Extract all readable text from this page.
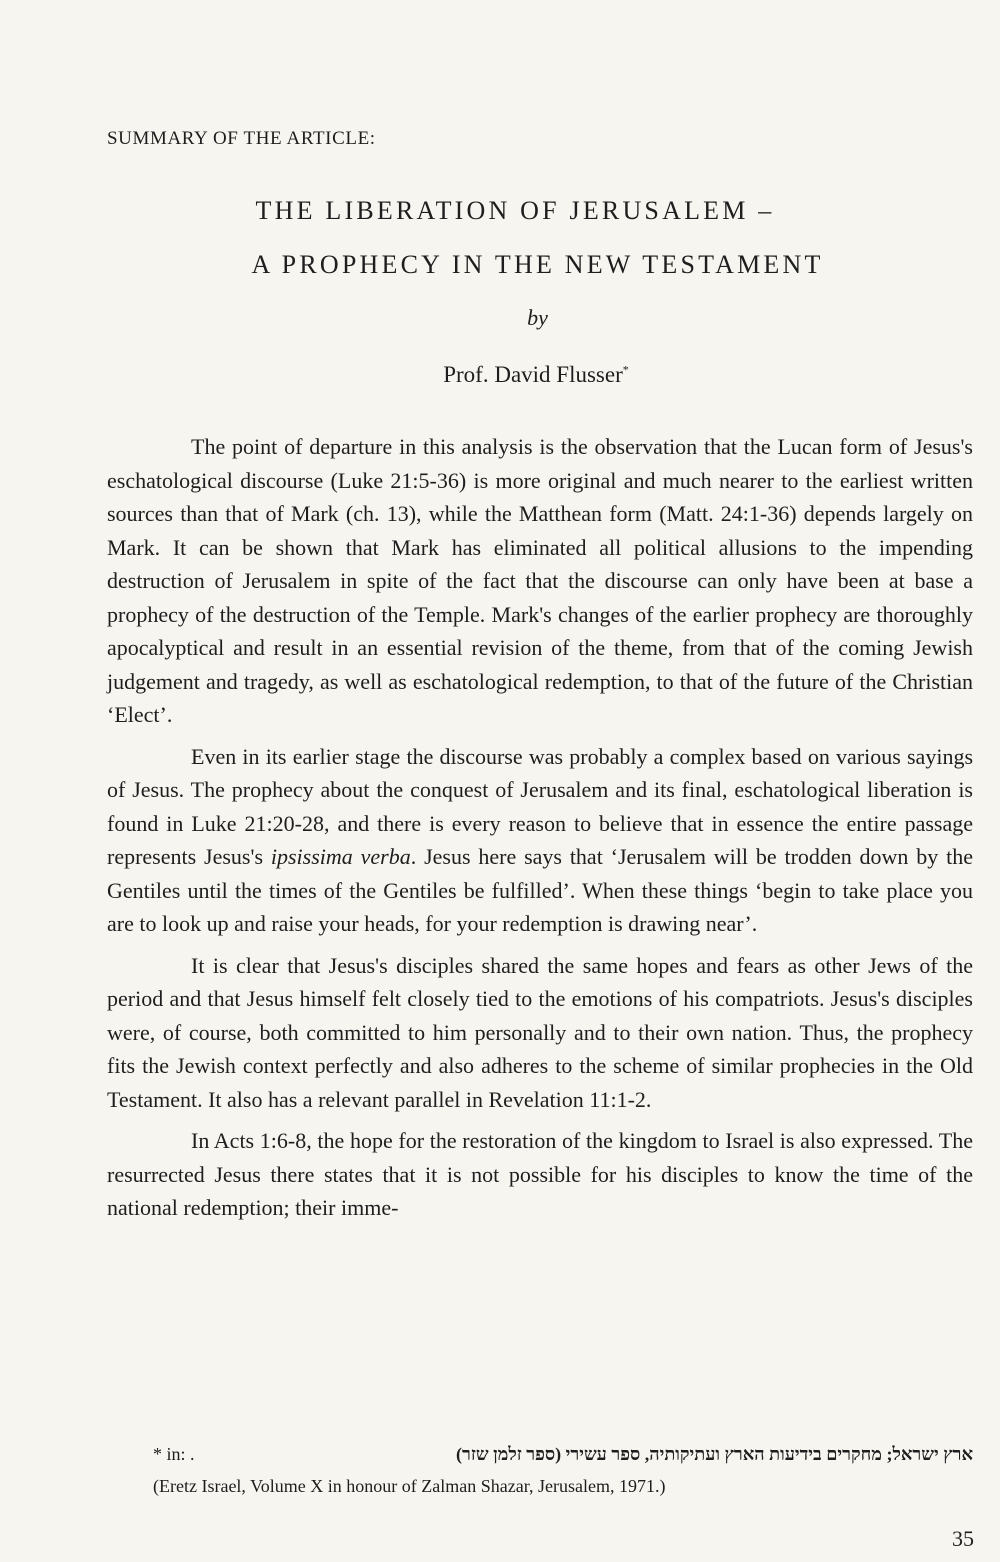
SUMMARY OF THE ARTICLE:
THE LIBERATION OF JERUSALEM –
A PROPHECY IN THE NEW TESTAMENT
by
Prof. David Flusser*

The point of departure in this analysis is the observation that the Lucan form of Jesus's eschatological discourse (Luke 21:5-36) is more original and much nearer to the earliest written sources than that of Mark (ch. 13), while the Matthean form (Matt. 24:1-36) depends largely on Mark. It can be shown that Mark has eliminated all political allusions to the impending destruction of Jerusalem in spite of the fact that the discourse can only have been at base a prophecy of the destruction of the Temple. Mark's changes of the earlier prophecy are thoroughly apocalyptical and result in an essential revision of the theme, from that of the coming Jewish judgement and tragedy, as well as eschatological redemption, to that of the future of the Christian ‘Elect’.

Even in its earlier stage the discourse was probably a complex based on various sayings of Jesus. The prophecy about the conquest of Jerusalem and its final, eschatological liberation is found in Luke 21:20-28, and there is every reason to believe that in essence the entire passage represents Jesus's ipsissima verba. Jesus here says that ‘Jerusalem will be trodden down by the Gentiles until the times of the Gentiles be fulfilled’. When these things ‘begin to take place you are to look up and raise your heads, for your redemption is drawing near’.

It is clear that Jesus's disciples shared the same hopes and fears as other Jews of the period and that Jesus himself felt closely tied to the emotions of his compatriots. Jesus's disciples were, of course, both committed to him personally and to their own nation. Thus, the prophecy fits the Jewish context perfectly and also adheres to the scheme of similar prophecies in the Old Testament. It also has a relevant parallel in Revelation 11:1-2.

In Acts 1:6-8, the hope for the restoration of the kingdom to Israel is also expressed. The resurrected Jesus there states that it is not possible for his disciples to know the time of the national redemption; their imme-

* in: .	ארץ ישראל; מחקרים בידיעות הארץ ועתיקותיה, ספר עשירי (ספר זלמן שזר)
(Eretz Israel, Volume X in honour of Zalman Shazar, Jerusalem, 1971.)
35
